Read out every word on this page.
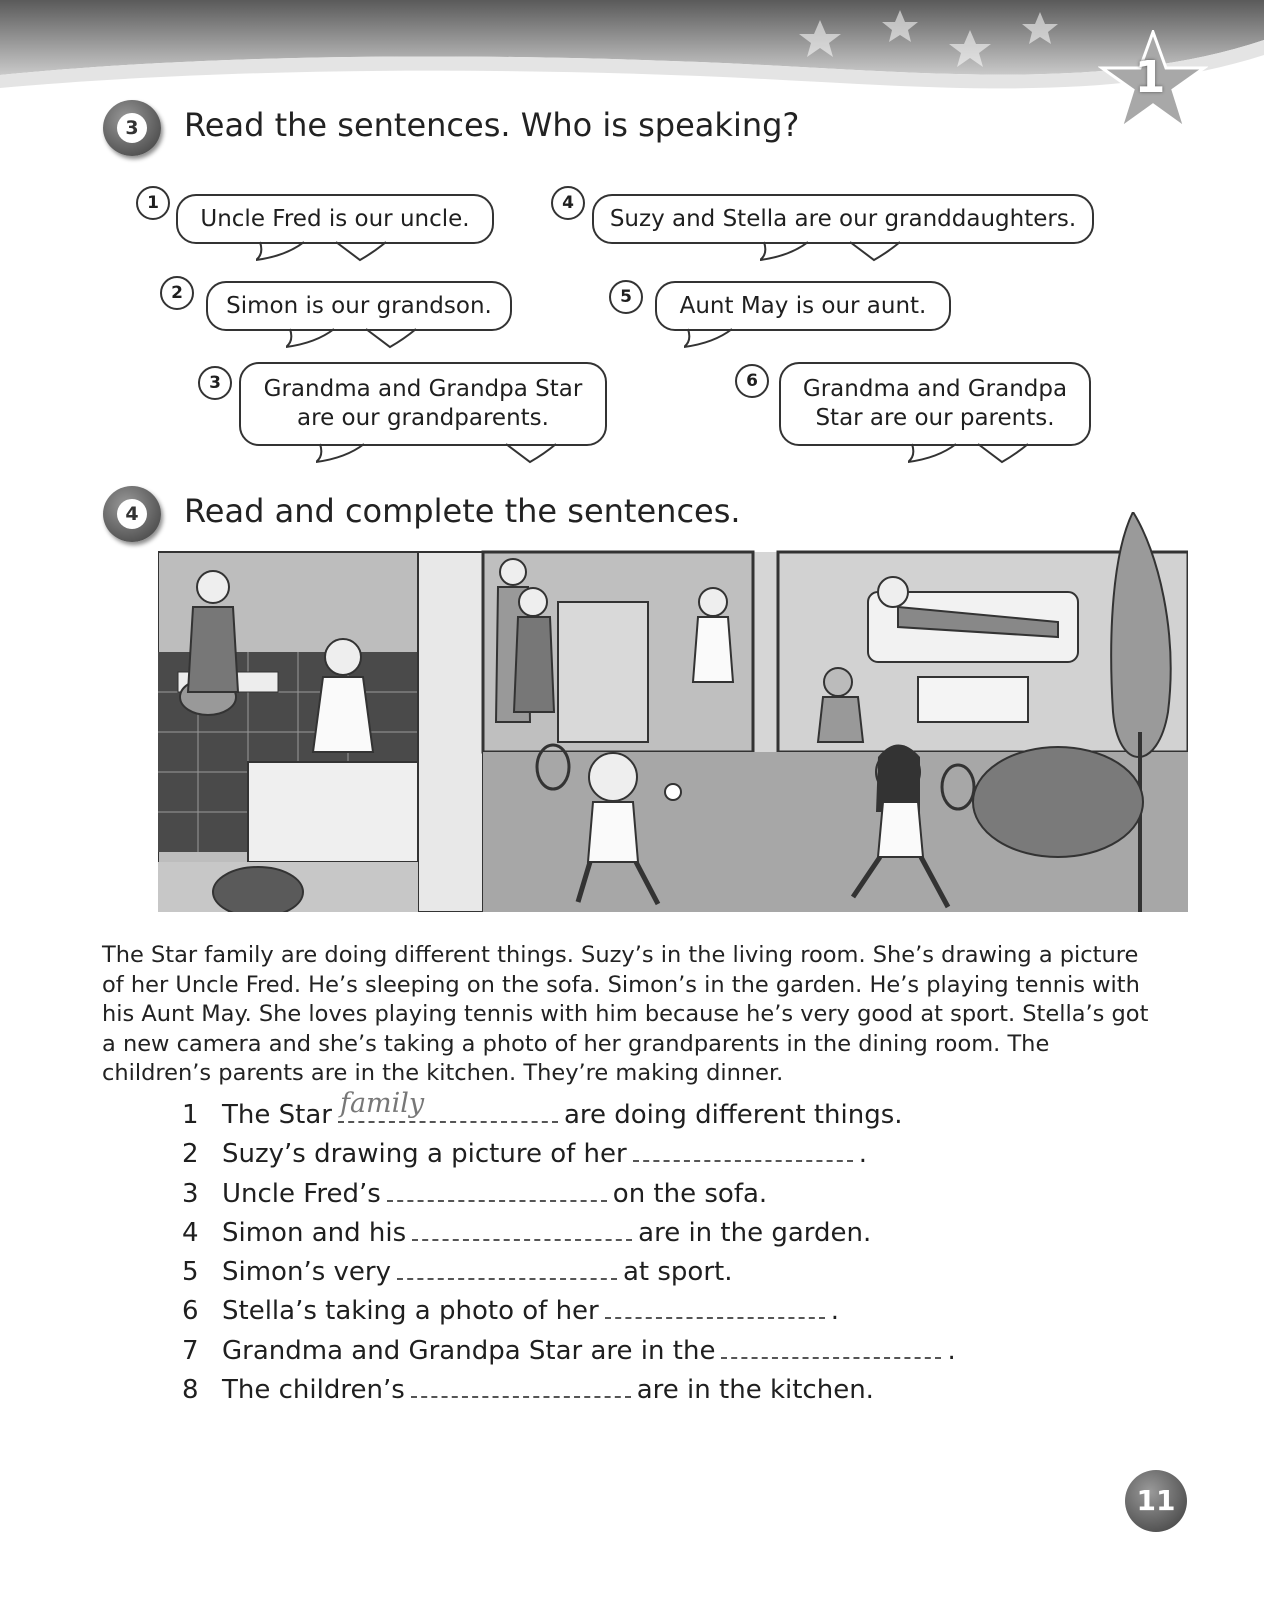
1
3 Read the sentences. Who is speaking?
1
Uncle Fred is our uncle.
2	Simon is our grandson.
3	Grandma and Grandpa Star
are our grandparents.
4
Suzy and Stella are our granddaughters.
5	Aunt May is our aunt.
6	Grandma and Grandpa
Star are our parents.
4 Read and complete the sentences.
The Star family are doing different things. Suzy’s in the living room. She’s drawing a picture of her Uncle Fred. He’s sleeping on the sofa. Simon’s in the garden. He’s playing tennis with his Aunt May. She loves playing tennis with him because he’s very good at sport. Stella’s got a new camera and she’s taking a photo of her grandparents in the dining room. The children’s parents are in the kitchen. They’re making dinner.
1 The Star family	are doing different things.
2 Suzy’s drawing a picture of her	.
3 Uncle Fred’s	on the sofa.
4 Simon and his	are in the garden.
5 Simon’s very	at sport.
6 Stella’s taking a photo of her	.
7 Grandma and Grandpa Star are in the	.
8 The children’s	are in the kitchen.
11
